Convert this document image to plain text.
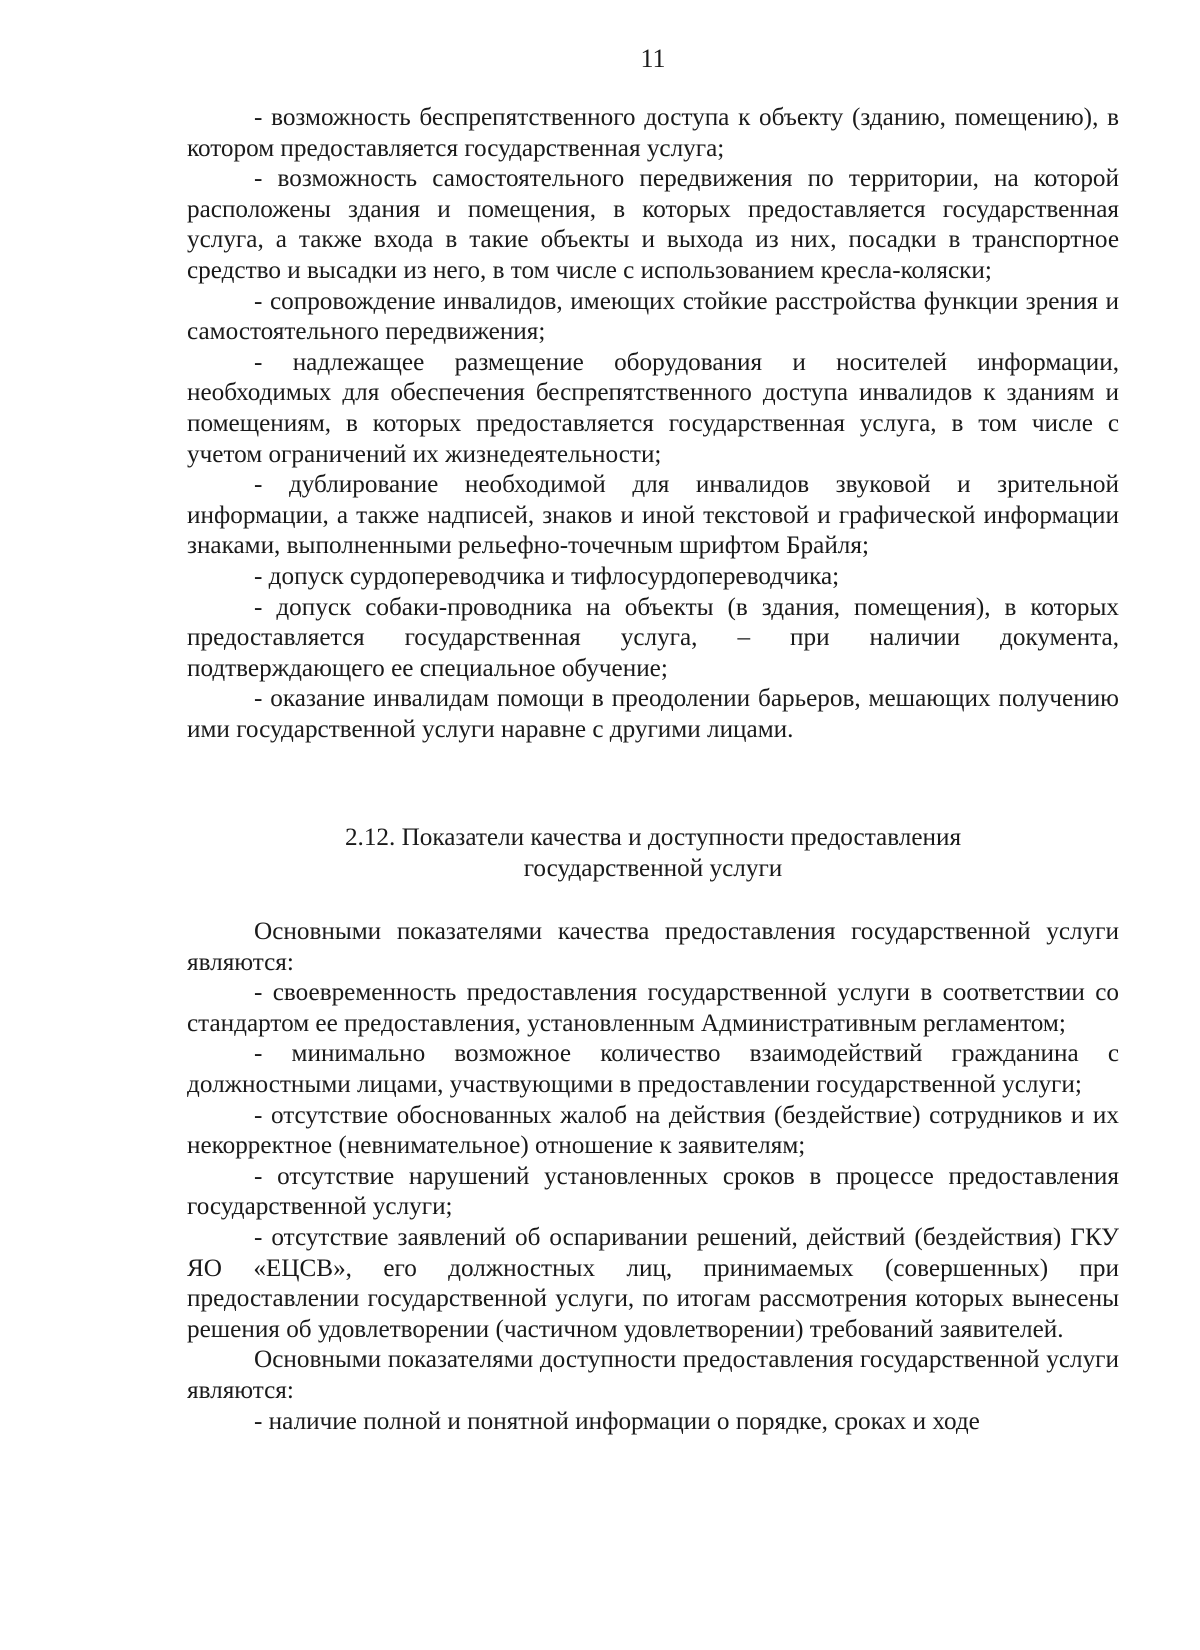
11

- возможность беспрепятственного доступа к объекту (зданию, помещению), в котором предоставляется государственная услуга;

- возможность самостоятельного передвижения по территории, на которой расположены здания и помещения, в которых предоставляется государственная услуга, а также входа в такие объекты и выхода из них, посадки в транспортное средство и высадки из него, в том числе с использованием кресла-коляски;

- сопровождение инвалидов, имеющих стойкие расстройства функции зрения и самостоятельного передвижения;

- надлежащее размещение оборудования и носителей информации, необходимых для обеспечения беспрепятственного доступа инвалидов к зданиям и помещениям, в которых предоставляется государственная услуга, в том числе с учетом ограничений их жизнедеятельности;

- дублирование необходимой для инвалидов звуковой и зрительной информации, а также надписей, знаков и иной текстовой и графической информации знаками, выполненными рельефно-точечным шрифтом Брайля;

- допуск сурдопереводчика и тифлосурдопереводчика;

- допуск собаки-проводника на объекты (в здания, помещения), в которых предоставляется государственная услуга, – при наличии документа, подтверждающего ее специальное обучение;

- оказание инвалидам помощи в преодолении барьеров, мешающих получению ими государственной услуги наравне с другими лицами.

2.12. Показатели качества и доступности предоставления
государственной услуги

Основными показателями качества предоставления государственной услуги являются:

- своевременность предоставления государственной услуги в соответствии со стандартом ее предоставления, установленным Административным регламентом;

- минимально возможное количество взаимодействий гражданина с должностными лицами, участвующими в предоставлении государственной услуги;

- отсутствие обоснованных жалоб на действия (бездействие) сотрудников и их некорректное (невнимательное) отношение к заявителям;

- отсутствие нарушений установленных сроков в процессе предоставления государственной услуги;

- отсутствие заявлений об оспаривании решений, действий (бездействия) ГКУ ЯО «ЕЦСВ», его должностных лиц, принимаемых (совершенных) при предоставлении государственной услуги, по итогам рассмотрения которых вынесены решения об удовлетворении (частичном удовлетворении) требований заявителей.

Основными показателями доступности предоставления государственной услуги являются:

- наличие полной и понятной информации о порядке, сроках и ходе
